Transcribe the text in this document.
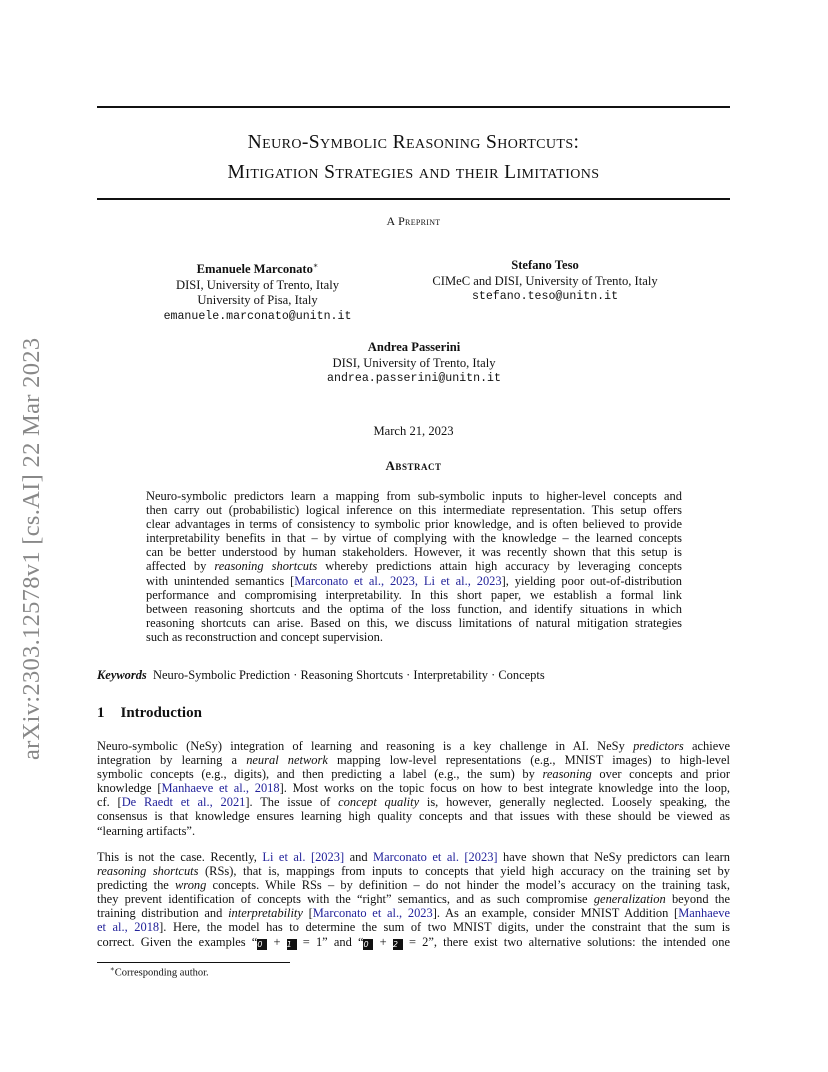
arXiv:2303.12578v1 [cs.AI] 22 Mar 2023
Neuro-Symbolic Reasoning Shortcuts:
Mitigation Strategies and their Limitations
A Preprint
Emanuele Marconato∗
DISI, University of Trento, Italy
University of Pisa, Italy
emanuele.marconato@unitn.it
Stefano Teso
CIMeC and DISI, University of Trento, Italy
stefano.teso@unitn.it
Andrea Passerini
DISI, University of Trento, Italy
andrea.passerini@unitn.it
March 21, 2023
Abstract
Neuro-symbolic predictors learn a mapping from sub-symbolic inputs to higher-level concepts and
then carry out (probabilistic) logical inference on this intermediate representation. This setup offers
clear advantages in terms of consistency to symbolic prior knowledge, and is often believed to provide
interpretability benefits in that – by virtue of complying with the knowledge – the learned concepts
can be better understood by human stakeholders. However, it was recently shown that this setup is
affected by reasoning shortcuts whereby predictions attain high accuracy by leveraging concepts
with unintended semantics [Marconato et al., 2023, Li et al., 2023], yielding poor out-of-distribution
performance and compromising interpretability. In this short paper, we establish a formal link
between reasoning shortcuts and the optima of the loss function, and identify situations in which
reasoning shortcuts can arise. Based on this, we discuss limitations of natural mitigation strategies
such as reconstruction and concept supervision.
Keywords Neuro-Symbolic Prediction · Reasoning Shortcuts · Interpretability · Concepts
1 Introduction
Neuro-symbolic (NeSy) integration of learning and reasoning is a key challenge in AI. NeSy predictors achieve
integration by learning a neural network mapping low-level representations (e.g., MNIST images) to high-level
symbolic concepts (e.g., digits), and then predicting a label (e.g., the sum) by reasoning over concepts and prior
knowledge [Manhaeve et al., 2018]. Most works on the topic focus on how to best integrate knowledge into the loop,
cf. [De Raedt et al., 2021]. The issue of concept quality is, however, generally neglected. Loosely speaking, the
consensus is that knowledge ensures learning high quality concepts and that issues with these should be viewed as
“learning artifacts”.
This is not the case. Recently, Li et al. [2023] and Marconato et al. [2023] have shown that NeSy predictors can learn
reasoning shortcuts (RSs), that is, mappings from inputs to concepts that yield high accuracy on the training set by
predicting the wrong concepts. While RSs – by definition – do not hinder the model’s accuracy on the training task,
they prevent identification of concepts with the “right” semantics, and as such compromise generalization beyond the
training distribution and interpretability [Marconato et al., 2023]. As an example, consider MNIST Addition [Manhaeve
et al., 2018]. Here, the model has to determine the sum of two MNIST digits, under the constraint that the sum is
correct. Given the examples “0 + 1 = 1” and “0 + 2 = 2”, there exist two alternative solutions: the intended one
∗Corresponding author.
